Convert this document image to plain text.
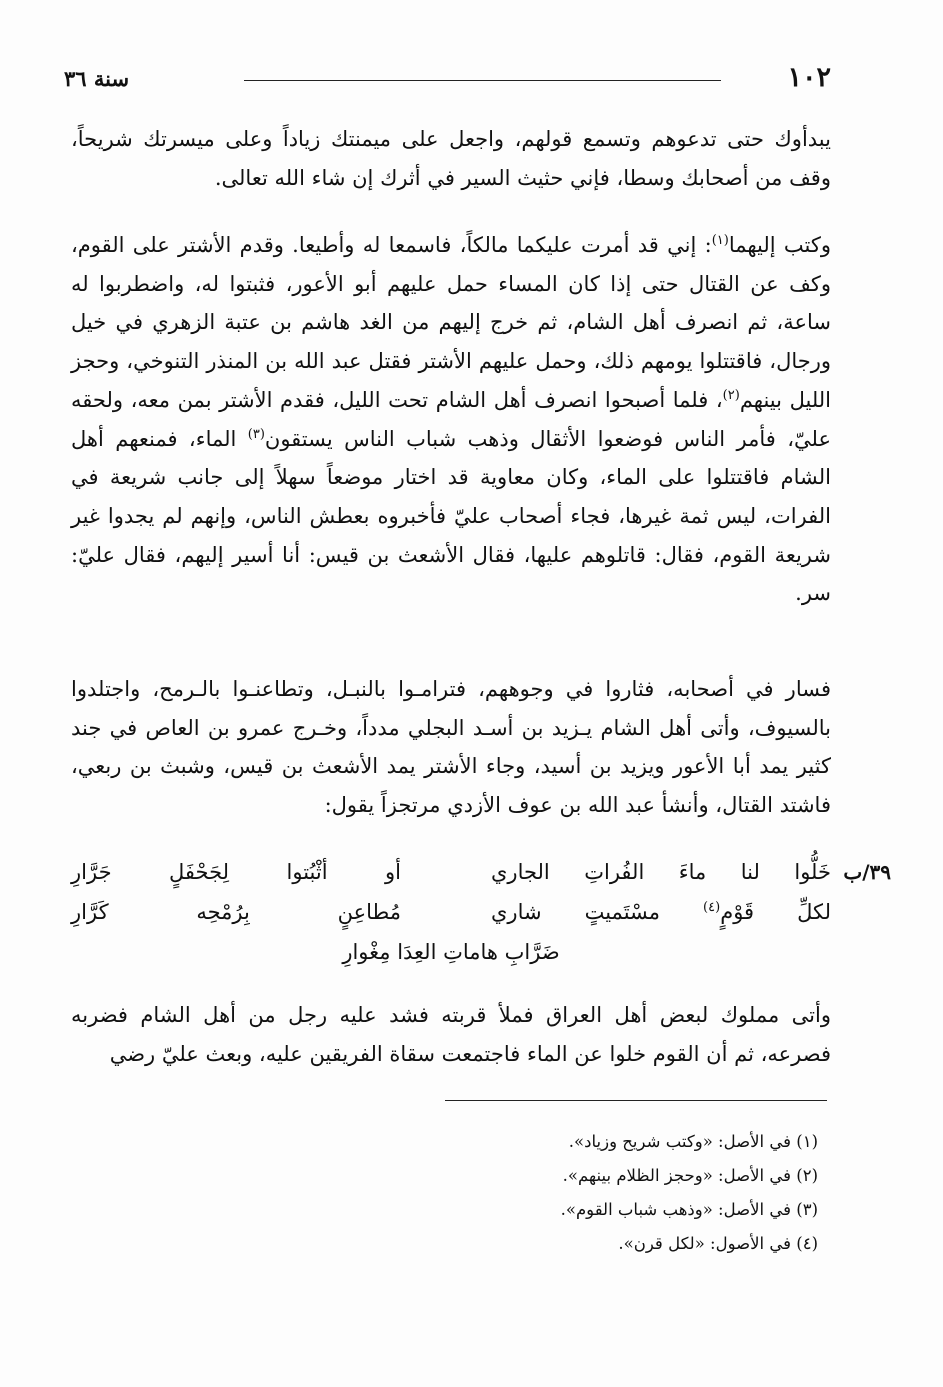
١٠٢
سنة ٣٦
يبدأوك حتى تدعوهم وتسمع قولهم، واجعل على ميمنتك زياداً وعلى ميسرتك شريحاً، وقف من أصحابك وسطا، فإني حثيث السير في أثرك إن شاء الله تعالى.
وكتب إليهما$^{(١)}$: إني قد أمرت عليكما مالكاً، فاسمعا له وأطيعا. وقدم الأشتر على القوم، وكف عن القتال حتى إذا كان المساء حمل عليهم أبو الأعور، فثبتوا له، واضطربوا له ساعة، ثم انصرف أهل الشام، ثم خرج إليهم من الغد هاشم بن عتبة الزهري في خيل ورجال، فاقتتلوا يومهم ذلك، وحمل عليهم الأشتر فقتل عبد الله بن المنذر التنوخي، وحجز الليل بينهم$^{(٢)}$، فلما أصبحوا انصرف أهل الشام تحت الليل، فقدم الأشتر بمن معه، ولحقه عليّ، فأمر الناس فوضعوا الأثقال وذهب شباب الناس يستقون$^{(٣)}$ الماء، فمنعهم أهل الشام فاقتتلوا على الماء، وكان معاوية قد اختار موضعاً سهلاً إلى جانب شريعة في الفرات، ليس ثمة غيرها، فجاء أصحاب عليّ فأخبروه بعطش الناس، وإنهم لم يجدوا غير شريعة القوم، فقال: قاتلوهم عليها، فقال الأشعث بن قيس: أنا أسير إليهم، فقال عليّ: سر.
فسار في أصحابه، فثاروا في وجوههم، فترامـوا بالنبـل، وتطاعنـوا بالـرمح، واجتلدوا بالسيوف، وأتى أهل الشام يـزيد بن أسـد البجلي مدداً، وخـرج عمرو بن العاص في جند كثير يمد أبا الأعور ويزيد بن أسيد، وجاء الأشتر يمد الأشعث بن قيس، وشبث بن ربعي، فاشتد القتال، وأنشأ عبد الله بن عوف الأزدي مرتجزاً يقول:
٣٩/ب
خَلُّوا لنا ماءَ الفُراتِ الجاري
أو أثْبُتوا لِجَحْفَلٍ جَرَّارِ
لكلِّ قَوْمٍ$^{(٤)}$ مسْتَميتٍ شاري
مُطاعِنٍ بِرُمْحِه كَرَّارِ
ضَرَّابِ هاماتِ العِدَا مِغْوارِ
وأتى مملوك لبعض أهل العراق فملأ قربته فشد عليه رجل من أهل الشام فضربه فصرعه، ثم أن القوم خلوا عن الماء فاجتمعت سقاة الفريقين عليه، وبعث عليّ رضي
(١) في الأصل: «وكتب شريح وزياد».
(٢) في الأصل: «وحجز الظلام بينهم».
(٣) في الأصل: «وذهب شباب القوم».
(٤) في الأصول: «لكل قرن».
